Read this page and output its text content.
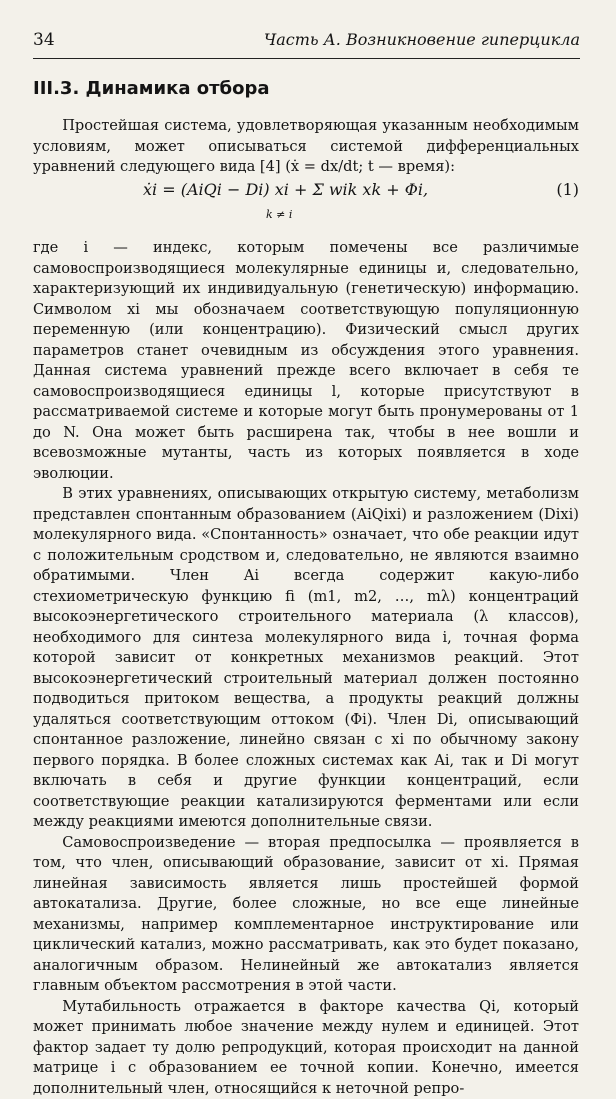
34	Часть А. Возникновение гиперцикла
III.3. Динамика отбора

Простейшая система, удовлетворяющая указанным необходимым условиям, может описываться системой дифференциальных уравнений следующего вида [4] (ẋ = dx/dt; t — время):

ẋi = (AiQi − Di) xi + Σ wik xk + Φi,
k ≠ i
(1)

где i — индекс, которым помечены все различимые самовоспроизводящиеся молекулярные единицы и, следовательно, характеризующий их индивидуальную (генетическую) информацию. Символом xi мы обозначаем соответствующую популяционную переменную (или концентрацию). Физический смысл других параметров станет очевидным из обсуждения этого уравнения. Данная система уравнений прежде всего включает в себя те самовоспроизводящиеся единицы l, которые присутствуют в рассматриваемой системе и которые могут быть пронумерованы от 1 до N. Она может быть расширена так, чтобы в нее вошли и всевозможные мутанты, часть из которых появляется в ходе эволюции.

В этих уравнениях, описывающих открытую систему, метаболизм представлен спонтанным образованием (AiQixi) и разложением (Dixi) молекулярного вида. «Спонтанность» означает, что обе реакции идут с положительным сродством и, следовательно, не являются взаимно обратимыми. Член Ai всегда содержит какую-либо стехиометрическую функцию fi (m1, m2, …, mλ) концентраций высокоэнергетического строительного материала (λ классов), необходимого для синтеза молекулярного вида i, точная форма которой зависит от конкретных механизмов реакций. Этот высокоэнергетический строительный материал должен постоянно подводиться притоком вещества, а продукты реакций должны удаляться соответствующим оттоком (Φi). Член Di, описывающий спонтанное разложение, линейно связан с xi по обычному закону первого порядка. В более сложных системах как Ai, так и Di могут включать в себя и другие функции концентраций, если соответствующие реакции катализируются ферментами или если между реакциями имеются дополнительные связи.

Самовоспроизведение — вторая предпосылка — проявляется в том, что член, описывающий образование, зависит от xi. Прямая линейная зависимость является лишь простейшей формой автокатализа. Другие, более сложные, но все еще линейные механизмы, например комплементарное инструктирование или циклический катализ, можно рассматривать, как это будет показано, аналогичным образом. Нелинейный же автокатализ является главным объектом рассмотрения в этой части.

Мутабильность отражается в факторе качества Qi, который может принимать любое значение между нулем и единицей. Этот фактор задает ту долю репродукций, которая происходит на данной матрице i с образованием ее точной копии. Конечно, имеется дополнительный член, относящийся к неточной репро-
